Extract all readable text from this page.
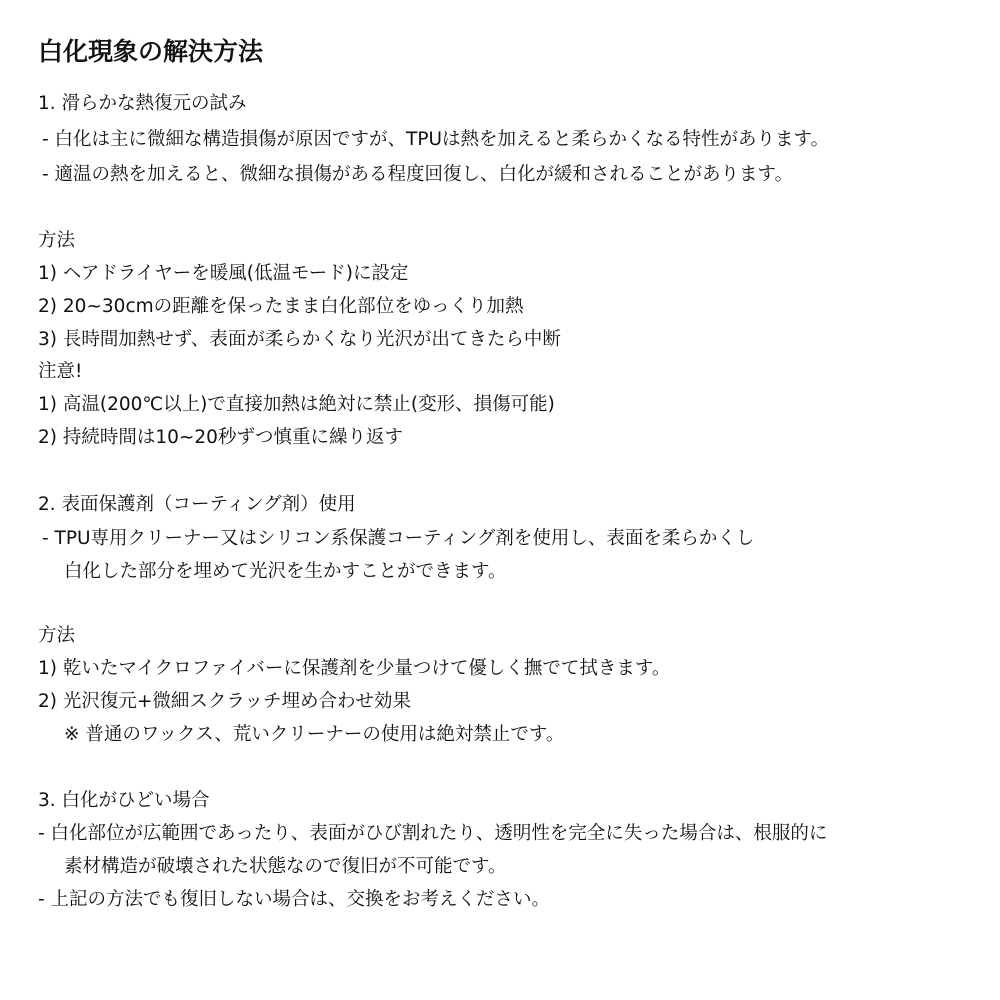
白化現象の解決方法
1. 滑らかな熱復元の試み
- 白化は主に微細な構造損傷が原因ですが、TPUは熱を加えると柔らかくなる特性があります。
- 適温の熱を加えると、微細な損傷がある程度回復し、白化が緩和されることがあります。
方法
1) ヘアドライヤーを暖風(低温モード)に設定
2) 20~30cmの距離を保ったまま白化部位をゆっくり加熱
3) 長時間加熱せず、表面が柔らかくなり光沢が出てきたら中断
注意!
1) 高温(200℃以上)で直接加熱は絶対に禁止(変形、損傷可能)
2) 持続時間は10~20秒ずつ慎重に繰り返す
2. 表面保護剤（コーティング剤）使用
- TPU専用クリーナー又はシリコン系保護コーティング剤を使用し、表面を柔らかくし
白化した部分を埋めて光沢を生かすことができます。
方法
1) 乾いたマイクロファイバーに保護剤を少量つけて優しく撫でて拭きます。
2) 光沢復元+微細スクラッチ埋め合わせ効果
※ 普通のワックス、荒いクリーナーの使用は絶対禁止です。
3. 白化がひどい場合
- 白化部位が広範囲であったり、表面がひび割れたり、透明性を完全に失った場合は、根服的に
素材構造が破壊された状態なので復旧が不可能です。
- 上記の方法でも復旧しない場合は、交換をお考えください。
